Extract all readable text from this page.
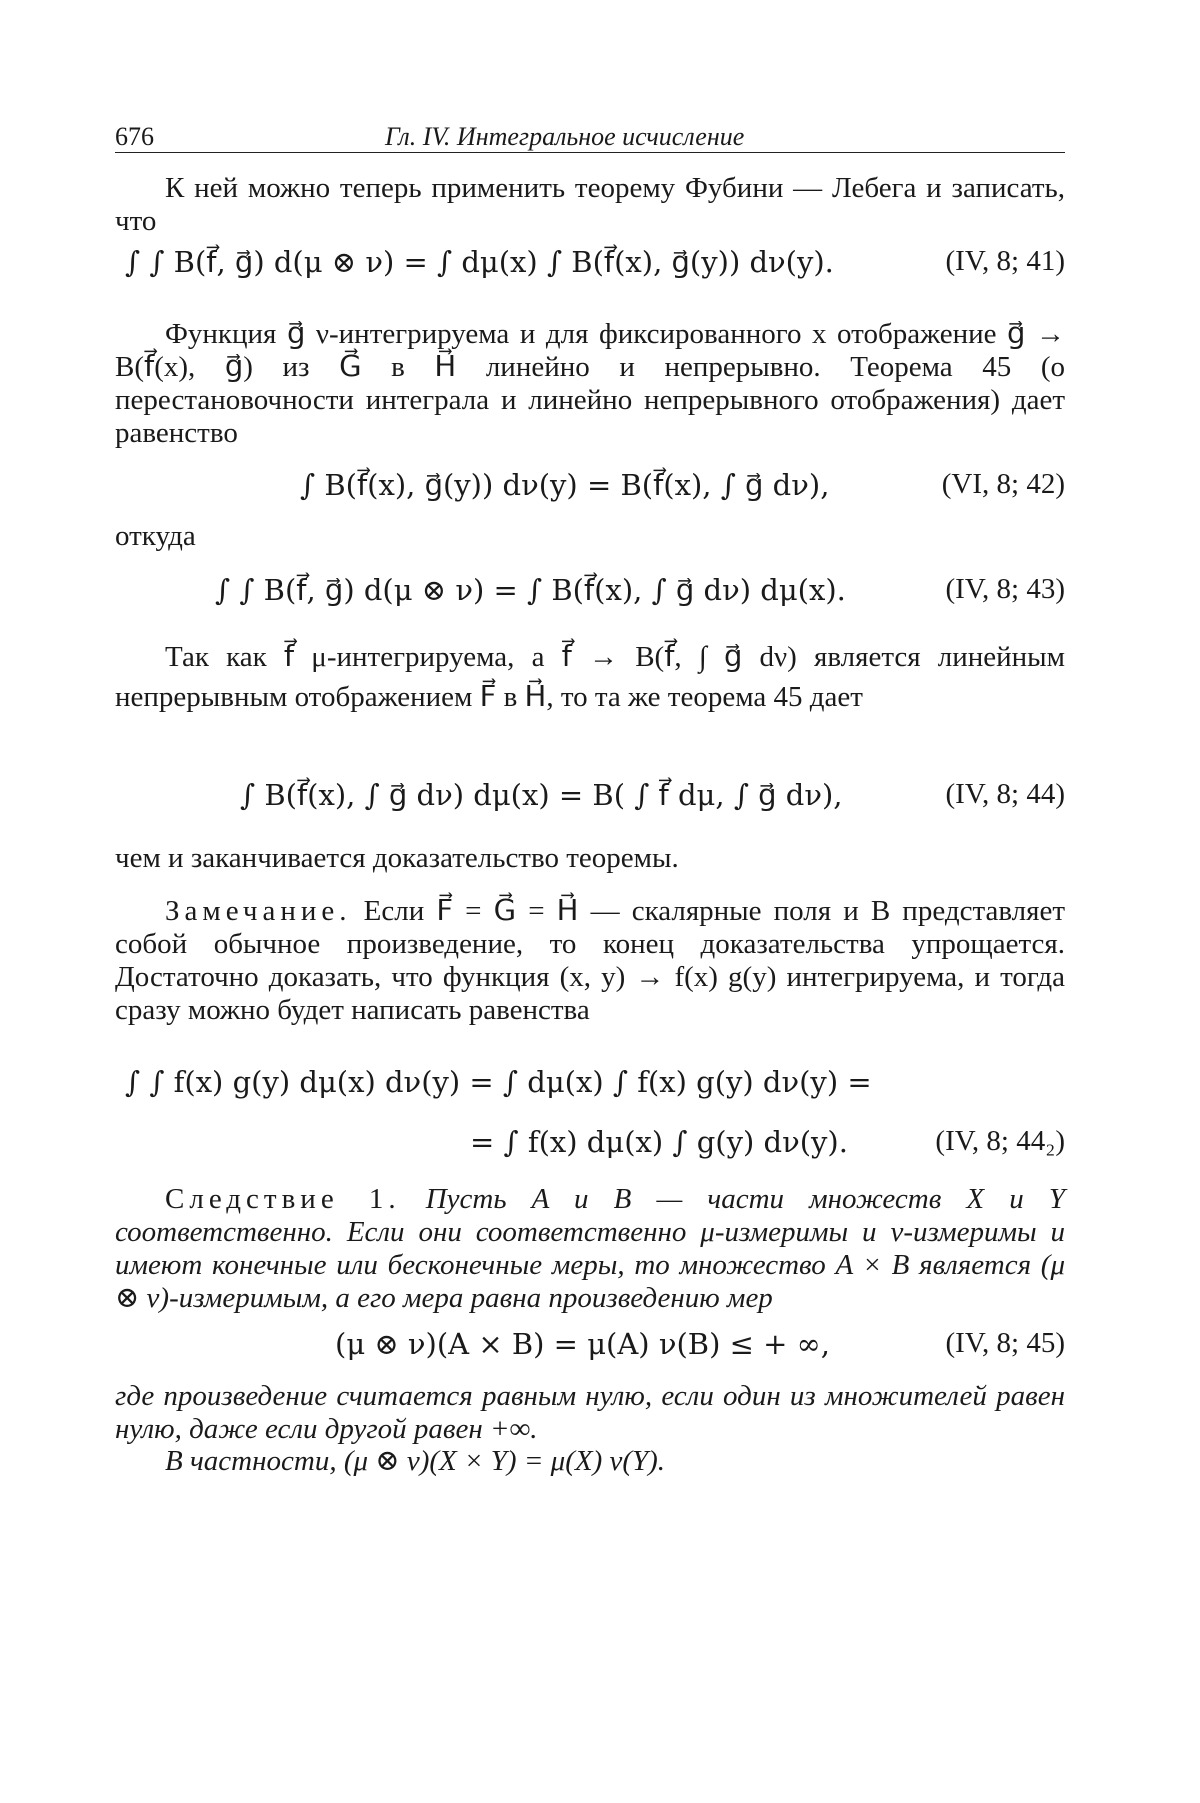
676	Гл. IV. Интегральное исчисление
К ней можно теперь применить теорему Фубини — Лебега и записать, что
∫ ∫ B(f⃗, g⃗) d(μ ⊗ ν) = ∫ dμ(x) ∫ B(f⃗(x), g⃗(y)) dν(y).	(IV, 8; 41)
Функция g⃗ ν-интегрируема и для фиксированного x отображение g⃗ → B(f⃗(x), g⃗) из G⃗ в H⃗ линейно и непрерывно. Теорема 45 (о перестановочности интеграла и линейно непрерывного отображения) дает равенство
∫ B(f⃗(x), g⃗(y)) dν(y) = B(f⃗(x), ∫ g⃗ dν),	(VI, 8; 42)
откуда
∫ ∫ B(f⃗, g⃗) d(μ ⊗ ν) = ∫ B(f⃗(x), ∫ g⃗ dν) dμ(x).	(IV, 8; 43)
Так как f⃗ μ-интегрируема, а f⃗ → B(f⃗, ∫ g⃗ dν) является линейным непрерывным отображением F⃗ в H⃗, то та же теорема 45 дает
∫ B(f⃗(x), ∫ g⃗ dν) dμ(x) = B( ∫ f⃗ dμ, ∫ g⃗ dν),	(IV, 8; 44)
чем и заканчивается доказательство теоремы.
Замечание. Если F⃗ = G⃗ = H⃗ — скалярные поля и B представляет собой обычное произведение, то конец доказательства упрощается. Достаточно доказать, что функция (x, y) → f(x) g(y) интегрируема, и тогда сразу можно будет написать равенства
∫ ∫ f(x) g(y) dμ(x) dν(y) = ∫ dμ(x) ∫ f(x) g(y) dν(y) =
= ∫ f(x) dμ(x) ∫ g(y) dν(y).	(IV, 8; 44₂)
Следствие 1. Пусть A и B — части множеств X и Y соответственно. Если они соответственно μ-измеримы и ν-измеримы и имеют конечные или бесконечные меры, то множество A × B является (μ ⊗ ν)-измеримым, а его мера равна произведению мер
(μ ⊗ ν)(A × B) = μ(A) ν(B) ≤ + ∞,	(IV, 8; 45)
где произведение считается равным нулю, если один из множителей равен нулю, даже если другой равен +∞.
В частности, (μ ⊗ ν)(X × Y) = μ(X) ν(Y).
